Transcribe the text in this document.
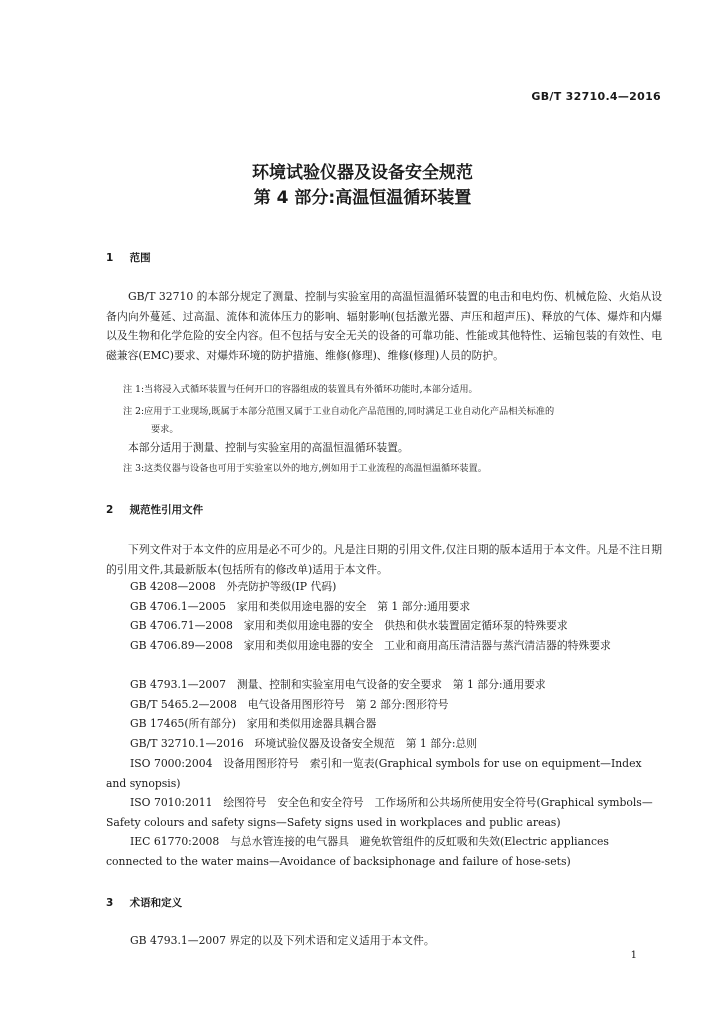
GB/T 32710.4—2016
环境试验仪器及设备安全规范
第 4 部分:高温恒温循环装置
1 范围
GB/T 32710 的本部分规定了测量、控制与实验室用的高温恒温循环装置的电击和电灼伤、机械危险、火焰从设备内向外蔓延、过高温、流体和流体压力的影响、辐射影响(包括激光器、声压和超声压)、释放的气体、爆炸和内爆以及生物和化学危险的安全内容。但不包括与安全无关的设备的可靠功能、性能或其他特性、运输包装的有效性、电磁兼容(EMC)要求、对爆炸环境的防护措施、维修(修理)、维修(修理)人员的防护。
注 1:当将浸入式循环装置与任何开口的容器组成的装置具有外循环功能时,本部分适用。
注 2:应用于工业现场,既属于本部分范围又属于工业自动化产品范围的,同时满足工业自动化产品相关标准的
要求。
本部分适用于测量、控制与实验室用的高温恒温循环装置。
注 3:这类仪器与设备也可用于实验室以外的地方,例如用于工业流程的高温恒温循环装置。
2 规范性引用文件
下列文件对于本文件的应用是必不可少的。凡是注日期的引用文件,仅注日期的版本适用于本文件。凡是不注日期的引用文件,其最新版本(包括所有的修改单)适用于本文件。
GB 4208—2008　外壳防护等级(IP 代码)
GB 4706.1—2005　家用和类似用途电器的安全　第 1 部分:通用要求
GB 4706.71—2008　家用和类似用途电器的安全　供热和供水装置固定循环泵的特殊要求
GB 4706.89—2008　家用和类似用途电器的安全　工业和商用高压清洁器与蒸汽清洁器的特殊要求
GB 4793.1—2007　测量、控制和实验室用电气设备的安全要求　第 1 部分:通用要求
GB/T 5465.2—2008　电气设备用图形符号　第 2 部分:图形符号
GB 17465(所有部分)　家用和类似用途器具耦合器
GB/T 32710.1—2016　环境试验仪器及设备安全规范　第 1 部分:总则
ISO 7000:2004　设备用图形符号　索引和一览表(Graphical symbols for use on equipment—Index and synopsis)
ISO 7010:2011　绘图符号　安全色和安全符号　工作场所和公共场所使用安全符号(Graphical symbols—Safety colours and safety signs—Safety signs used in workplaces and public areas)
IEC 61770:2008　与总水管连接的电气器具　避免软管组件的反虹吸和失效(Electric appliances connected to the water mains—Avoidance of backsiphonage and failure of hose-sets)
3 术语和定义
GB 4793.1—2007 界定的以及下列术语和定义适用于本文件。
1
